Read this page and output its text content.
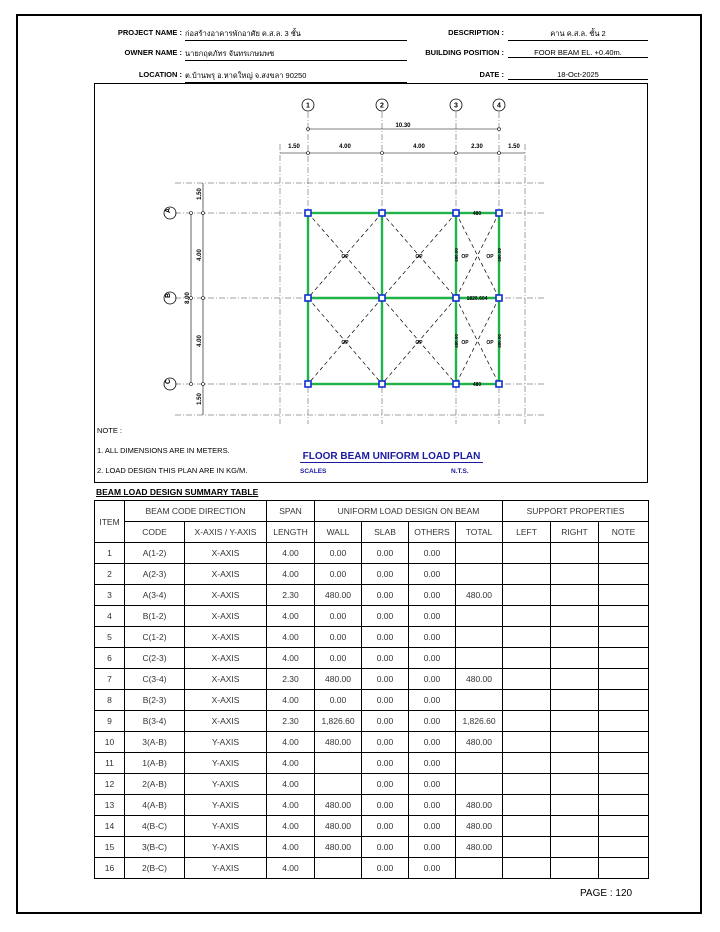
PROJECT NAME : ก่อสร้างอาคารพักอาศัย ค.ส.ล. 3 ชั้น
OWNER NAME : นายกฤตภัทร จันทรเกษมพช
LOCATION : ต.บ้านพรุ อ.หาดใหญ่ จ.สงขลา 90250
DESCRIPTION :	คาน ค.ส.ล. ชั้น 2
BUILDING POSITION :	FOOR BEAM EL. +0.40m.
DATE :	18-Oct-2025
1	2	3	4
10.30
1.50	4.00	4.00	2.30	1.50
A
B
C
8.00
1.50
4.00
4.00
1.50
OP	OP	OP	OP
OP	OP	OP	OP
480
480
1826.604
480.00	480.00
480.00	480.00
NOTE :
1. ALL DIMENSIONS ARE IN METERS.
2. LOAD DESIGN THIS PLAN ARE IN KG/M.
FLOOR BEAM UNIFORM LOAD PLAN
SCALES	N.T.S.
BEAM LOAD DESIGN SUMMARY TABLE
ITEM	BEAM CODE DIRECTION		SPAN	UNIFORM LOAD DESIGN ON BEAM				SUPPORT PROPERTIES		
	CODE	X-AXIS / Y-AXIS	LENGTH	WALL	SLAB	OTHERS	TOTAL	LEFT	RIGHT	NOTE
1	A(1-2)	X-AXIS	4.00	0.00	0.00	0.00				
2	A(2-3)	X-AXIS	4.00	0.00	0.00	0.00				
3	A(3-4)	X-AXIS	2.30	480.00	0.00	0.00	480.00			
4	B(1-2)	X-AXIS	4.00	0.00	0.00	0.00				
5	C(1-2)	X-AXIS	4.00	0.00	0.00	0.00				
6	C(2-3)	X-AXIS	4.00	0.00	0.00	0.00				
7	C(3-4)	X-AXIS	2.30	480.00	0.00	0.00	480.00			
8	B(2-3)	X-AXIS	4.00	0.00	0.00	0.00				
9	B(3-4)	X-AXIS	2.30	1,826.60	0.00	0.00	1,826.60			
10	3(A-B)	Y-AXIS	4.00	480.00	0.00	0.00	480.00			
11	1(A-B)	Y-AXIS	4.00		0.00	0.00				
12	2(A-B)	Y-AXIS	4.00		0.00	0.00				
13	4(A-B)	Y-AXIS	4.00	480.00	0.00	0.00	480.00			
14	4(B-C)	Y-AXIS	4.00	480.00	0.00	0.00	480.00			
15	3(B-C)	Y-AXIS	4.00	480.00	0.00	0.00	480.00			
16	2(B-C)	Y-AXIS	4.00		0.00	0.00				
PAGE : 120
